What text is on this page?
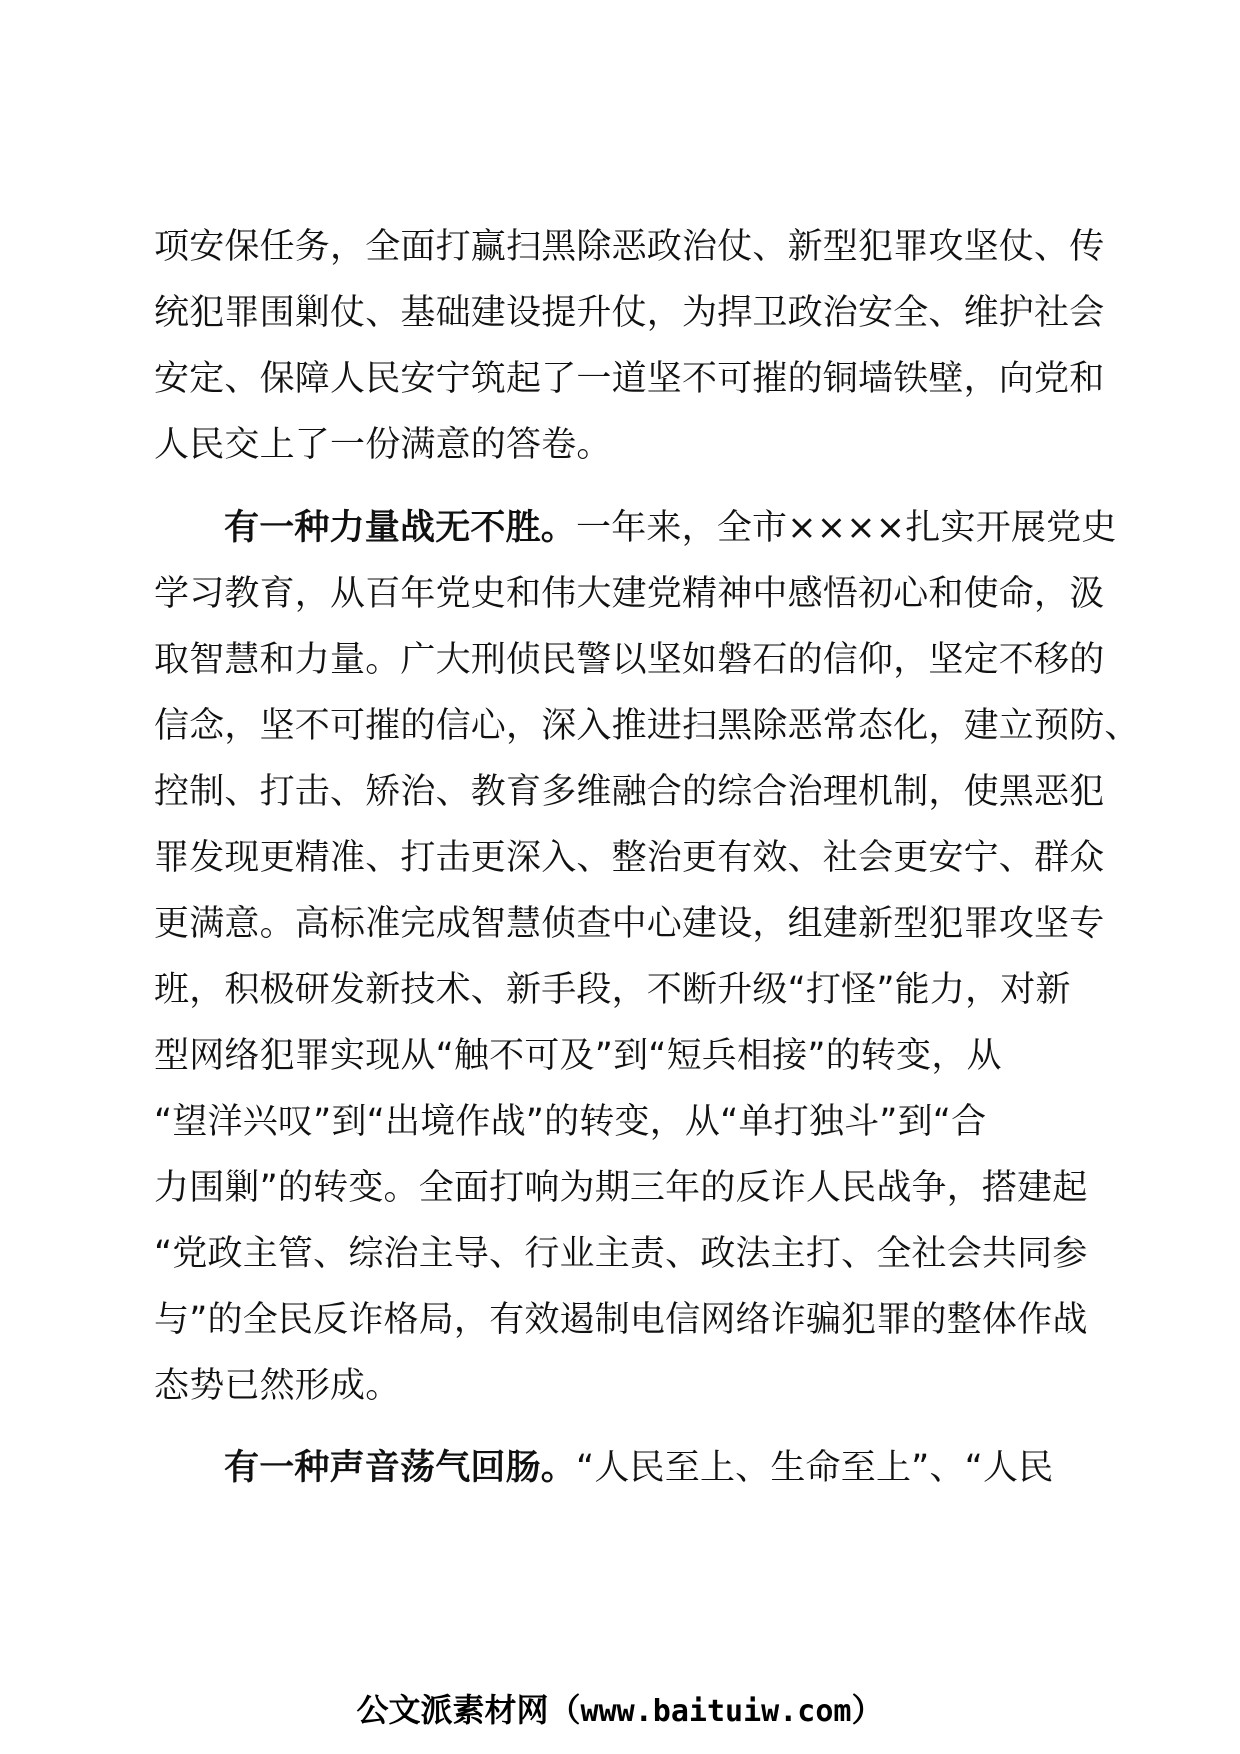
项安保任务，全面打赢扫黑除恶政治仗、新型犯罪攻坚仗、传
统犯罪围剿仗、基础建设提升仗，为捍卫政治安全、维护社会
安定、保障人民安宁筑起了一道坚不可摧的铜墙铁壁，向党和
人民交上了一份满意的答卷。
有一种力量战无不胜。一年来，全市××××扎实开展党史
学习教育，从百年党史和伟大建党精神中感悟初心和使命，汲
取智慧和力量。广大刑侦民警以坚如磐石的信仰，坚定不移的
信念，坚不可摧的信心，深入推进扫黑除恶常态化，建立预防、
控制、打击、矫治、教育多维融合的综合治理机制，使黑恶犯
罪发现更精准、打击更深入、整治更有效、社会更安宁、群众
更满意。高标准完成智慧侦查中心建设，组建新型犯罪攻坚专
班，积极研发新技术、新手段，不断升级“打怪”能力，对新
型网络犯罪实现从“触不可及”到“短兵相接”的转变，从
“望洋兴叹”到“出境作战”的转变，从“单打独斗”到“合
力围剿”的转变。全面打响为期三年的反诈人民战争，搭建起
“党政主管、综治主导、行业主责、政法主打、全社会共同参
与”的全民反诈格局，有效遏制电信网络诈骗犯罪的整体作战
态势已然形成。
有一种声音荡气回肠。“人民至上、生命至上”、“人民
公文派素材网（www.baituiw.com）
